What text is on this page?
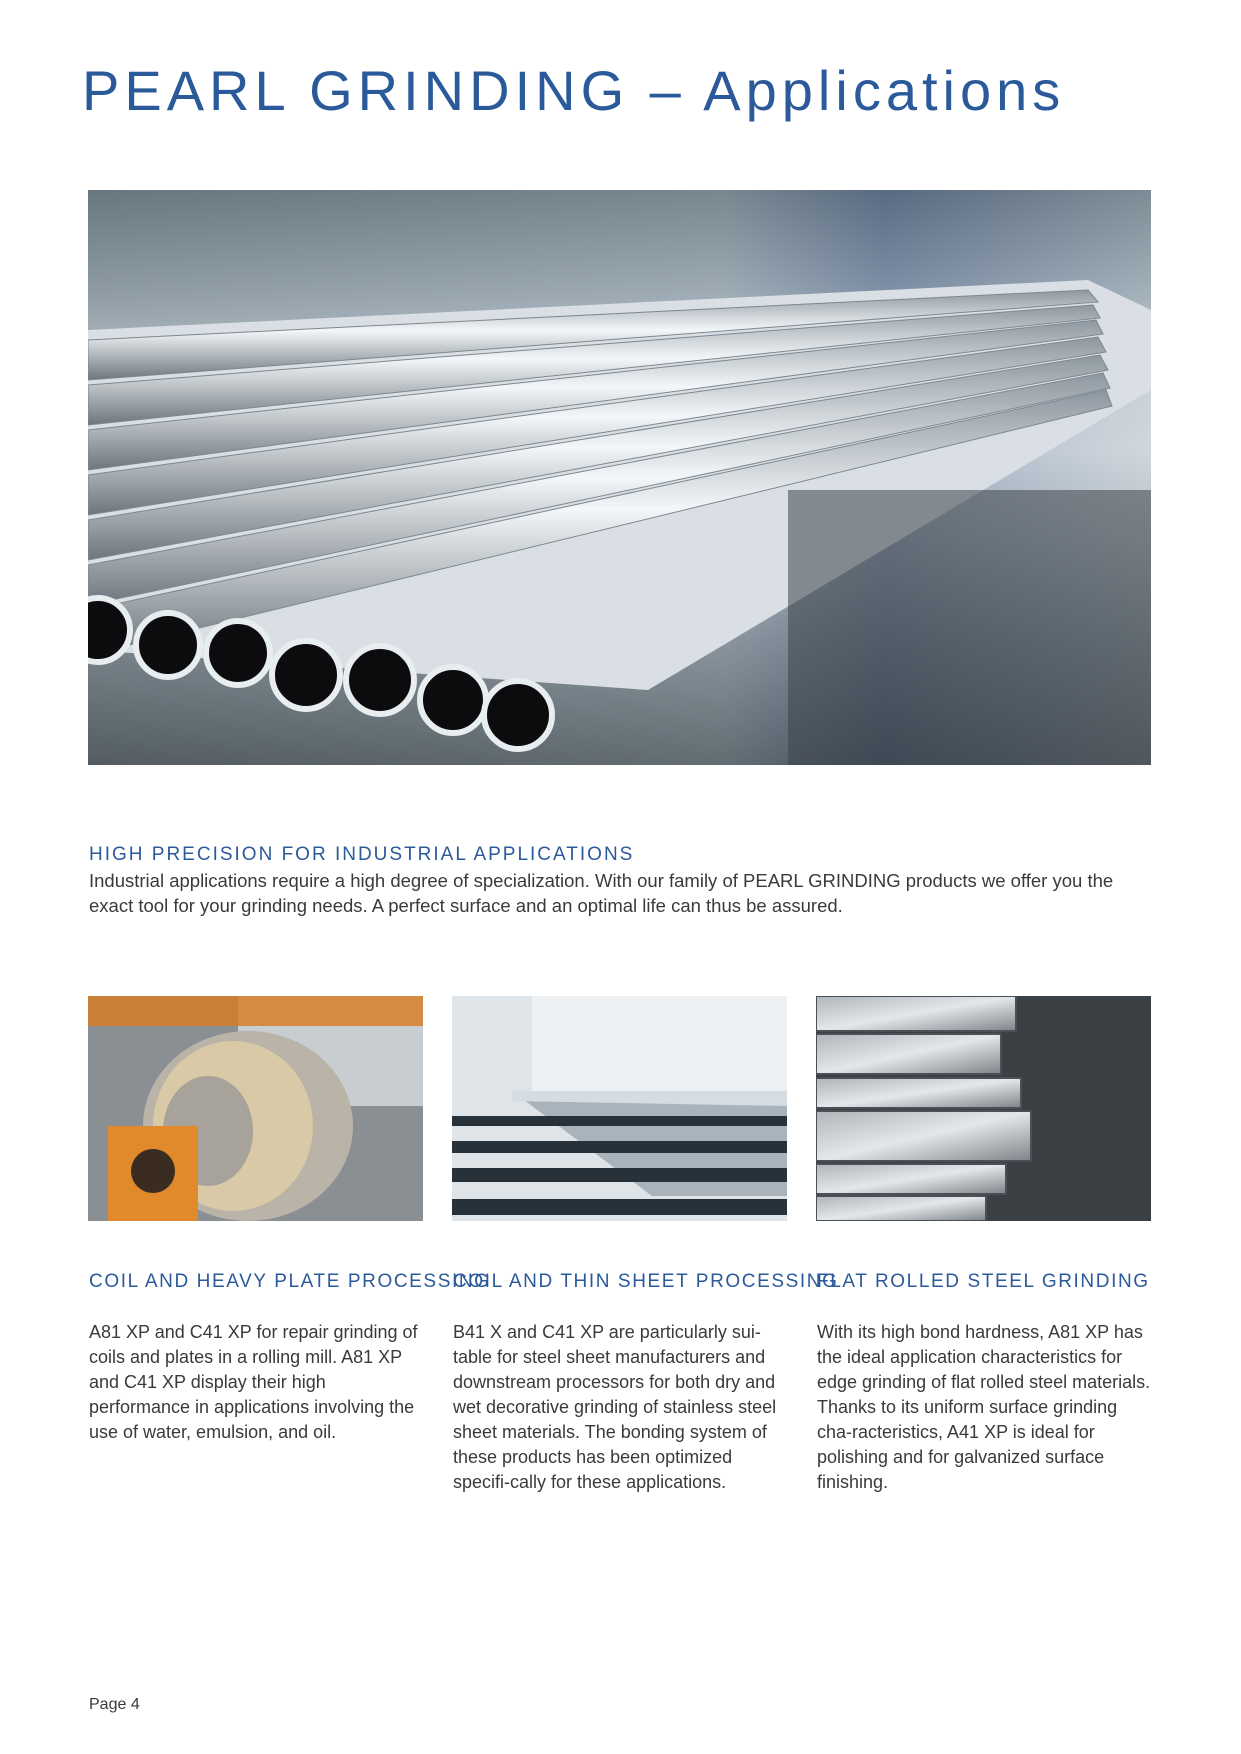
PEARL GRINDING – Applications
HIGH PRECISION FOR INDUSTRIAL APPLICATIONS

Industrial applications require a high degree of specialization. With our family of PEARL GRINDING products we offer you the exact tool for your grinding needs. A perfect surface and an optimal life can thus be assured.

COIL AND HEAVY PLATE PROCESSING
COIL AND THIN SHEET PROCESSING
FLAT ROLLED STEEL GRINDING

A81 XP and C41 XP for repair grinding of coils and plates in a rolling mill. A81 XP and C41 XP display their high performance in applications involving the use of water, emulsion, and oil.

B41 X and C41 XP are particularly sui-table for steel sheet manufacturers and downstream processors for both dry and wet decorative grinding of stainless steel sheet materials. The bonding system of these products has been optimized specifi-cally for these applications.

With its high bond hardness, A81 XP has the ideal application characteristics for edge grinding of flat rolled steel materials. Thanks to its uniform surface grinding cha-racteristics, A41 XP is ideal for polishing and for galvanized surface finishing.

Page 4
